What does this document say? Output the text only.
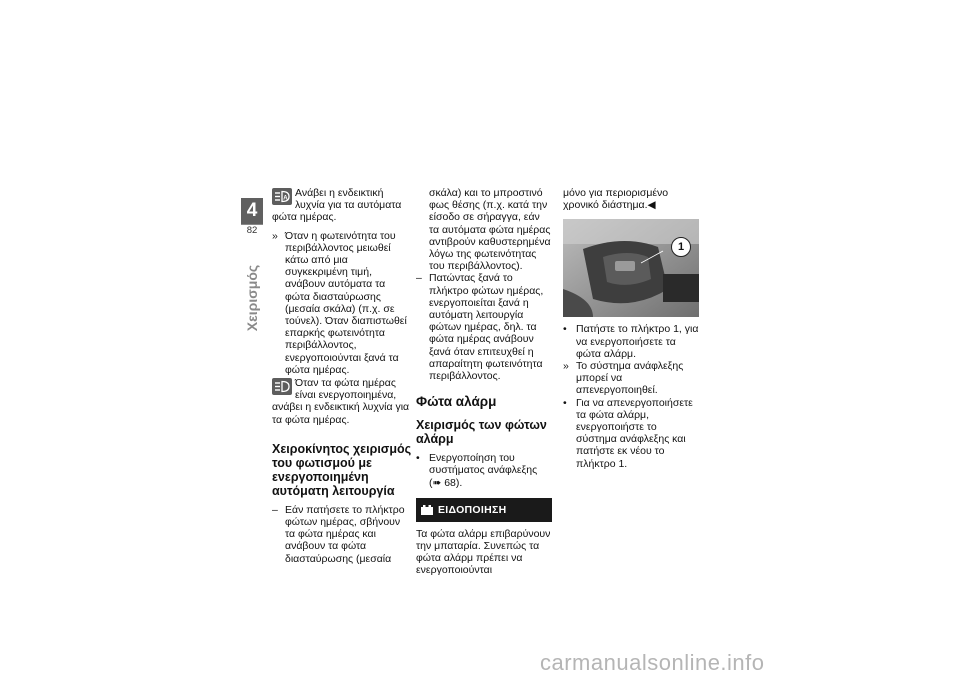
4
82
Χειρισμός
A Ανάβει η ενδεικτική λυχνία για τα αυτόματα φώτα ημέρας.
» Όταν η φωτεινότητα του περιβάλλοντος μειωθεί κάτω από μια συγκεκριμένη τιμή, ανάβουν αυτόματα τα φώτα διασταύρωσης (μεσαία σκάλα) (π.χ. σε τούνελ). Όταν διαπιστωθεί επαρκής φωτεινότητα περιβάλλοντος, ενεργοποιούνται ξανά τα φώτα ημέρας.
Όταν τα φώτα ημέρας είναι ενεργοποιημένα, ανάβει η ενδεικτική λυχνία για τα φώτα ημέρας.
Χειροκίνητος χειρισμός του φωτισμού με ενεργοποιημένη αυτόματη λειτουργία
– Εάν πατήσετε το πλήκτρο φώτων ημέρας, σβήνουν τα φώτα ημέρας και ανάβουν τα φώτα διασταύρωσης (μεσαία
σκάλα) και το μπροστινό φως θέσης (π.χ. κατά την είσοδο σε σήραγγα, εάν τα αυτόματα φώτα ημέρας αντιβρούν καθυστερημένα λόγω της φωτεινότητας του περιβάλλοντος).
– Πατώντας ξανά το πλήκτρο φώτων ημέρας, ενεργοποιείται ξανά η αυτόματη λειτουργία φώτων ημέρας, δηλ. τα φώτα ημέρας ανάβουν ξανά όταν επιτευχθεί η απαραίτητη φωτεινότητα περιβάλλοντος.
Φώτα αλάρμ
Χειρισμός των φώτων αλάρμ
• Ενεργοποίηση του συστήματος ανάφλεξης (➠ 68).
ΕΙΔΟΠΟΙΗΣΗ
Τα φώτα αλάρμ επιβαρύνουν την μπαταρία. Συνεπώς τα φώτα αλάρμ πρέπει να ενεργοποιούνται
μόνο για περιορισμένο χρονικό διάστημα.◀
1
• Πατήστε το πλήκτρο 1, για να ενεργοποιήσετε τα φώτα αλάρμ.
» Το σύστημα ανάφλεξης μπορεί να απενεργοποιηθεί.
• Για να απενεργοποιήσετε τα φώτα αλάρμ, ενεργοποιήστε το σύστημα ανάφλεξης και πατήστε εκ νέου το πλήκτρο 1.
carmanualsonline.info
